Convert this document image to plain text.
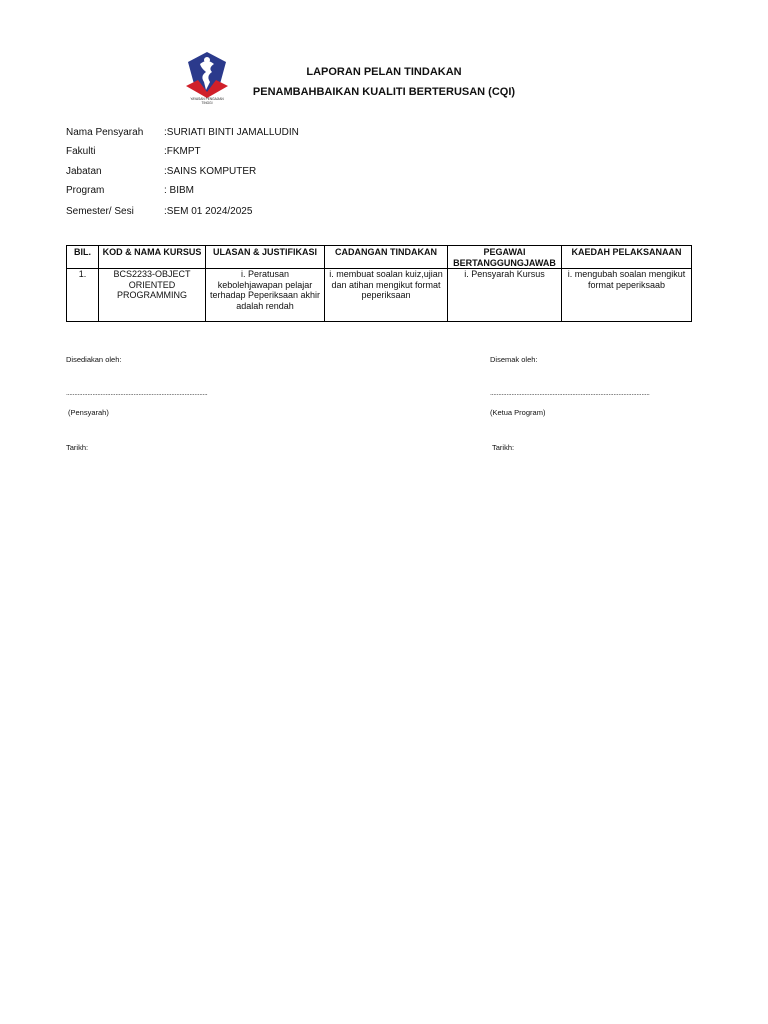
YAYASAN PENGAJIAN
TINGGI
LAPORAN PELAN TINDAKAN
PENAMBAHBAIKAN KUALITI BERTERUSAN (CQI)
Nama Pensyarah :SURIATI BINTI JAMALLUDIN
Fakulti	:FKMPT
Jabatan	:SAINS KOMPUTER
Program	: BIBM
Semester/ Sesi	:SEM 01 2024/2025
BIL.	KOD & NAMA KURSUS	ULASAN & JUSTIFIKASI	CADANGAN TINDAKAN	PEGAWAI BERTANGGUNGJAWAB	KAEDAH PELAKSANAAN
1.	BCS2233-OBJECT ORIENTED PROGRAMMING	i. Peratusan kebolehjawapan pelajar terhadap Peperiksaan akhir adalah rendah	i. membuat soalan kuiz,ujian dan atihan mengikut format peperiksaan	i. Pensyarah Kursus	i. mengubah soalan mengikut format peperiksaab
Disediakan oleh:
......................................................................................
(Pensyarah)
Tarikh:
Disemak oleh:
.................................................................................................
(Ketua Program)
Tarikh:
